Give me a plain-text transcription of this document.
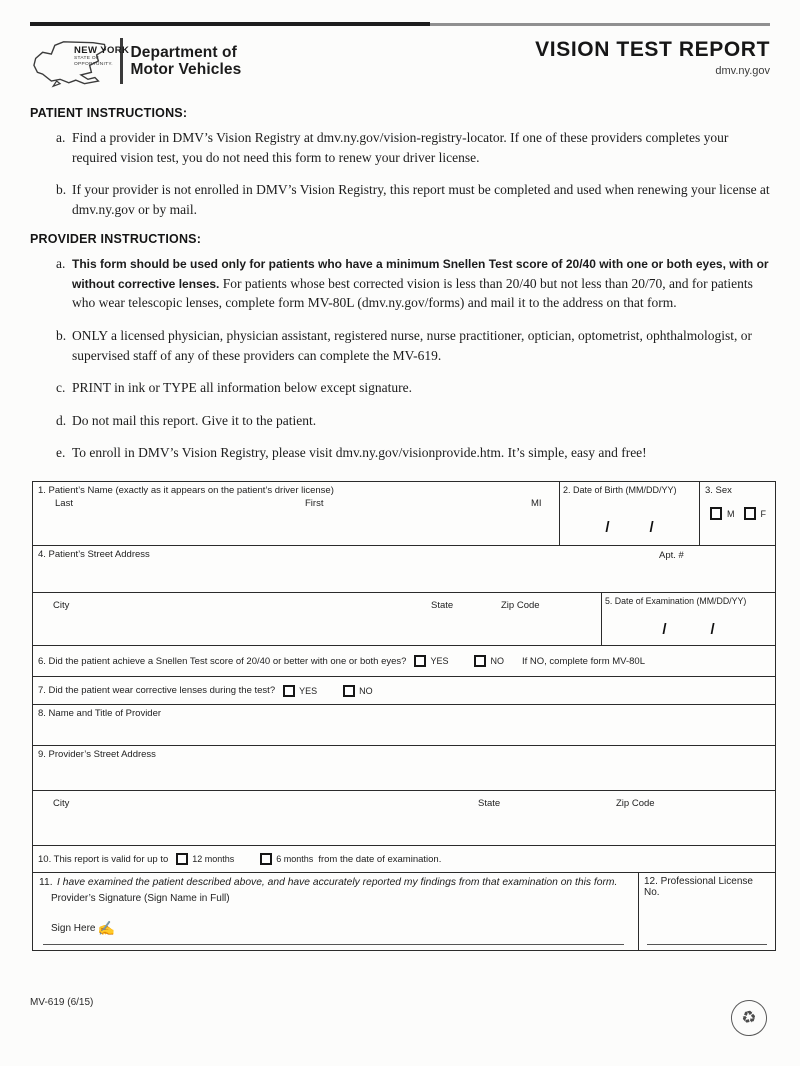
NEW YORK
STATE OF
OPPORTUNITY.
Department of
Motor Vehicles
VISION TEST REPORT
dmv.ny.gov
PATIENT INSTRUCTIONS:
a. Find a provider in DMV’s Vision Registry at dmv.ny.gov/vision-registry-locator. If one of these providers completes your required vision test, you do not need this form to renew your driver license.
b. If your provider is not enrolled in DMV’s Vision Registry, this report must be completed and used when renewing your license at dmv.ny.gov or by mail.
PROVIDER INSTRUCTIONS:
a. This form should be used only for patients who have a minimum Snellen Test score of 20/40 with one or both eyes, with or without corrective lenses. For patients whose best corrected vision is less than 20/40 but not less than 20/70, and for patients who wear telescopic lenses, complete form MV-80L (dmv.ny.gov/forms) and mail it to the address on that form.
b. ONLY a licensed physician, physician assistant, registered nurse, nurse practitioner, optician, optometrist, ophthalmologist, or supervised staff of any of these providers can complete the MV-619.
c. PRINT in ink or TYPE all information below except signature.
d. Do not mail this report. Give it to the patient.
e. To enroll in DMV’s Vision Registry, please visit dmv.ny.gov/visionprovide.htm. It’s simple, easy and free!
1. Patient’s Name (exactly as it appears on the patient’s driver license)
Last	First	MI
2. Date of Birth (MM/DD/YY)
/	/
3. Sex
M	F
4. Patient’s Street Address	Apt. #
City	State	Zip Code	5. Date of Examination (MM/DD/YY)
/	/
6. Did the patient achieve a Snellen Test score of 20/40 or better with one or both eyes?	YES	NO If NO, complete form MV-80L
7. Did the patient wear corrective lenses during the test?	YES	NO
8. Name and Title of Provider
9. Provider’s Street Address
City	State	Zip Code
10. This report is valid for up to	12 months	6 months from the date of examination.
11. I have examined the patient described above, and have accurately reported my findings from that examination on this form.
Provider’s Signature (Sign Name in Full)
Sign Here ✍
12. Professional License No.
MV-619 (6/15)
♻
